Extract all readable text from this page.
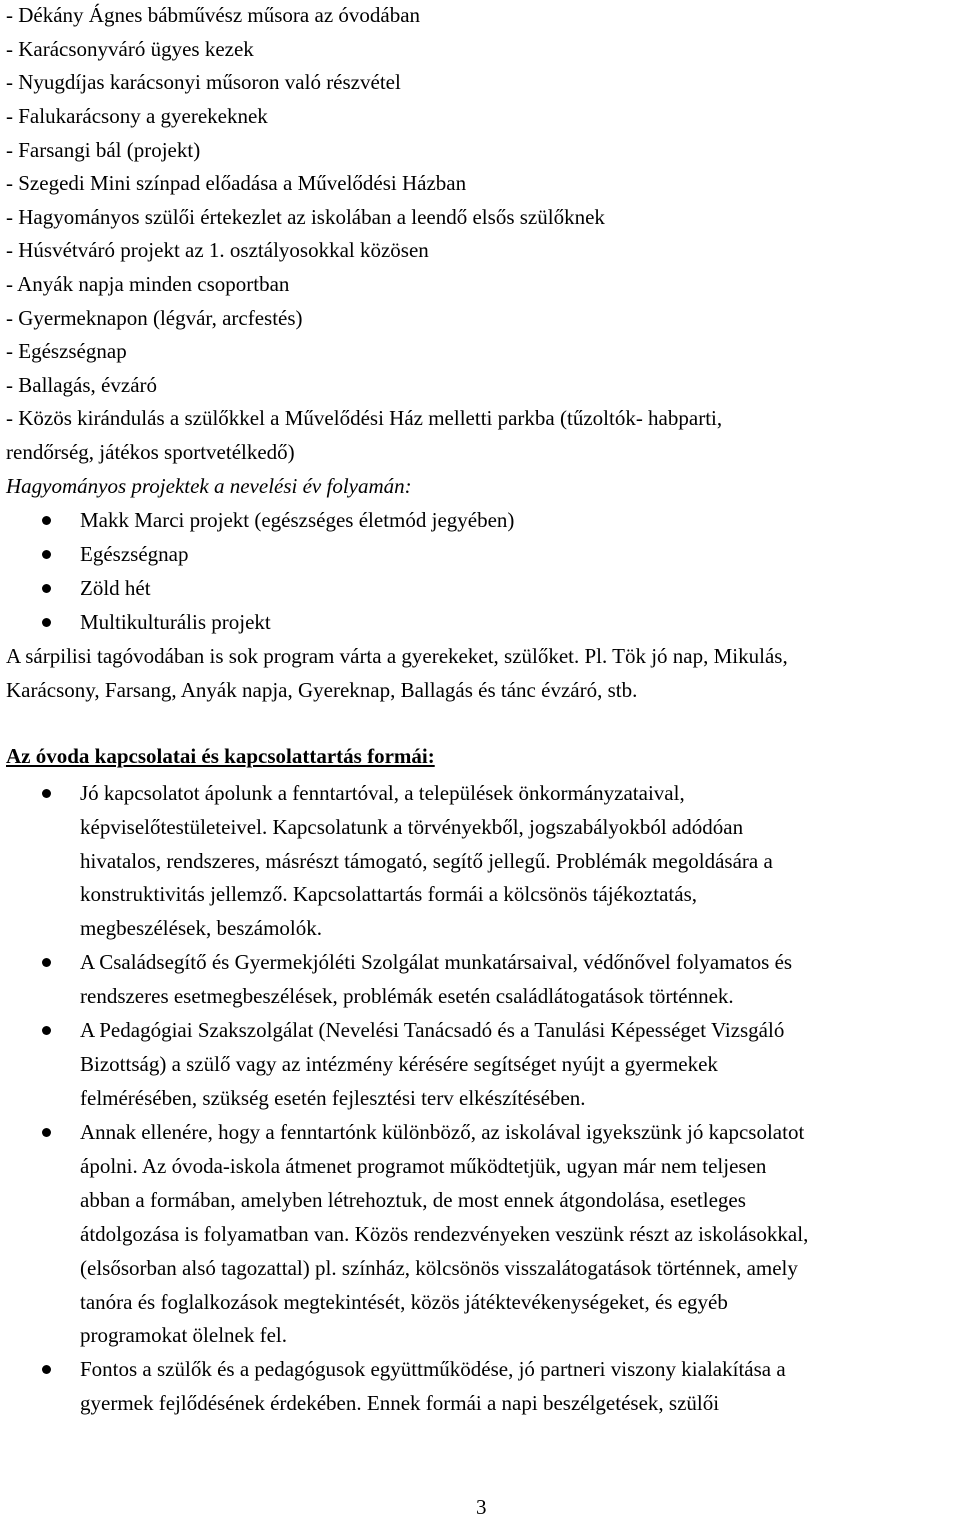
- Dékány Ágnes bábművész műsora az óvodában
- Karácsonyváró ügyes kezek
- Nyugdíjas karácsonyi műsoron való részvétel
- Falukarácsony a gyerekeknek
- Farsangi bál (projekt)
- Szegedi Mini színpad előadása a Művelődési Házban
- Hagyományos szülői értekezlet az iskolában a leendő elsős szülőknek
- Húsvétváró projekt az 1. osztályosokkal közösen
- Anyák napja minden csoportban
- Gyermeknapon (légvár, arcfestés)
- Egészségnap
- Ballagás, évzáró
- Közös kirándulás a szülőkkel a Művelődési Ház melletti parkba (tűzoltók- habparti,
rendőrség, játékos sportvetélkedő)
Hagyományos projektek a nevelési év folyamán:
Makk Marci projekt (egészséges életmód jegyében)
Egészségnap
Zöld hét
Multikulturális projekt
A sárpilisi tagóvodában is sok program várta a gyerekeket, szülőket. Pl. Tök jó nap, Mikulás,
Karácsony, Farsang, Anyák napja, Gyereknap, Ballagás és tánc évzáró, stb.
Az óvoda kapcsolatai és kapcsolattartás formái:
Jó kapcsolatot ápolunk a fenntartóval, a települések önkormányzataival,
képviselőtestületeivel. Kapcsolatunk a törvényekből, jogszabályokból adódóan
hivatalos, rendszeres, másrészt támogató, segítő jellegű. Problémák megoldására a
konstruktivitás jellemző. Kapcsolattartás formái a kölcsönös tájékoztatás,
megbeszélések, beszámolók.
A Családsegítő és Gyermekjóléti Szolgálat munkatársaival, védőnővel folyamatos és
rendszeres esetmegbeszélések, problémák esetén családlátogatások történnek.
A Pedagógiai Szakszolgálat (Nevelési Tanácsadó és a Tanulási Képességet Vizsgáló
Bizottság) a szülő vagy az intézmény kérésére segítséget nyújt a gyermekek
felmérésében, szükség esetén fejlesztési terv elkészítésében.
Annak ellenére, hogy a fenntartónk különböző, az iskolával igyekszünk jó kapcsolatot
ápolni. Az óvoda-iskola átmenet programot működtetjük, ugyan már nem teljesen
abban a formában, amelyben létrehoztuk, de most ennek átgondolása, esetleges
átdolgozása is folyamatban van. Közös rendezvényeken veszünk részt az iskolásokkal,
(elsősorban alsó tagozattal) pl. színház, kölcsönös visszalátogatások történnek, amely
tanóra és foglalkozások megtekintését, közös játéktevékenységeket, és egyéb
programokat ölelnek fel.
Fontos a szülők és a pedagógusok együttműködése, jó partneri viszony kialakítása a
gyermek fejlődésének érdekében. Ennek formái a napi beszélgetések, szülői
3
